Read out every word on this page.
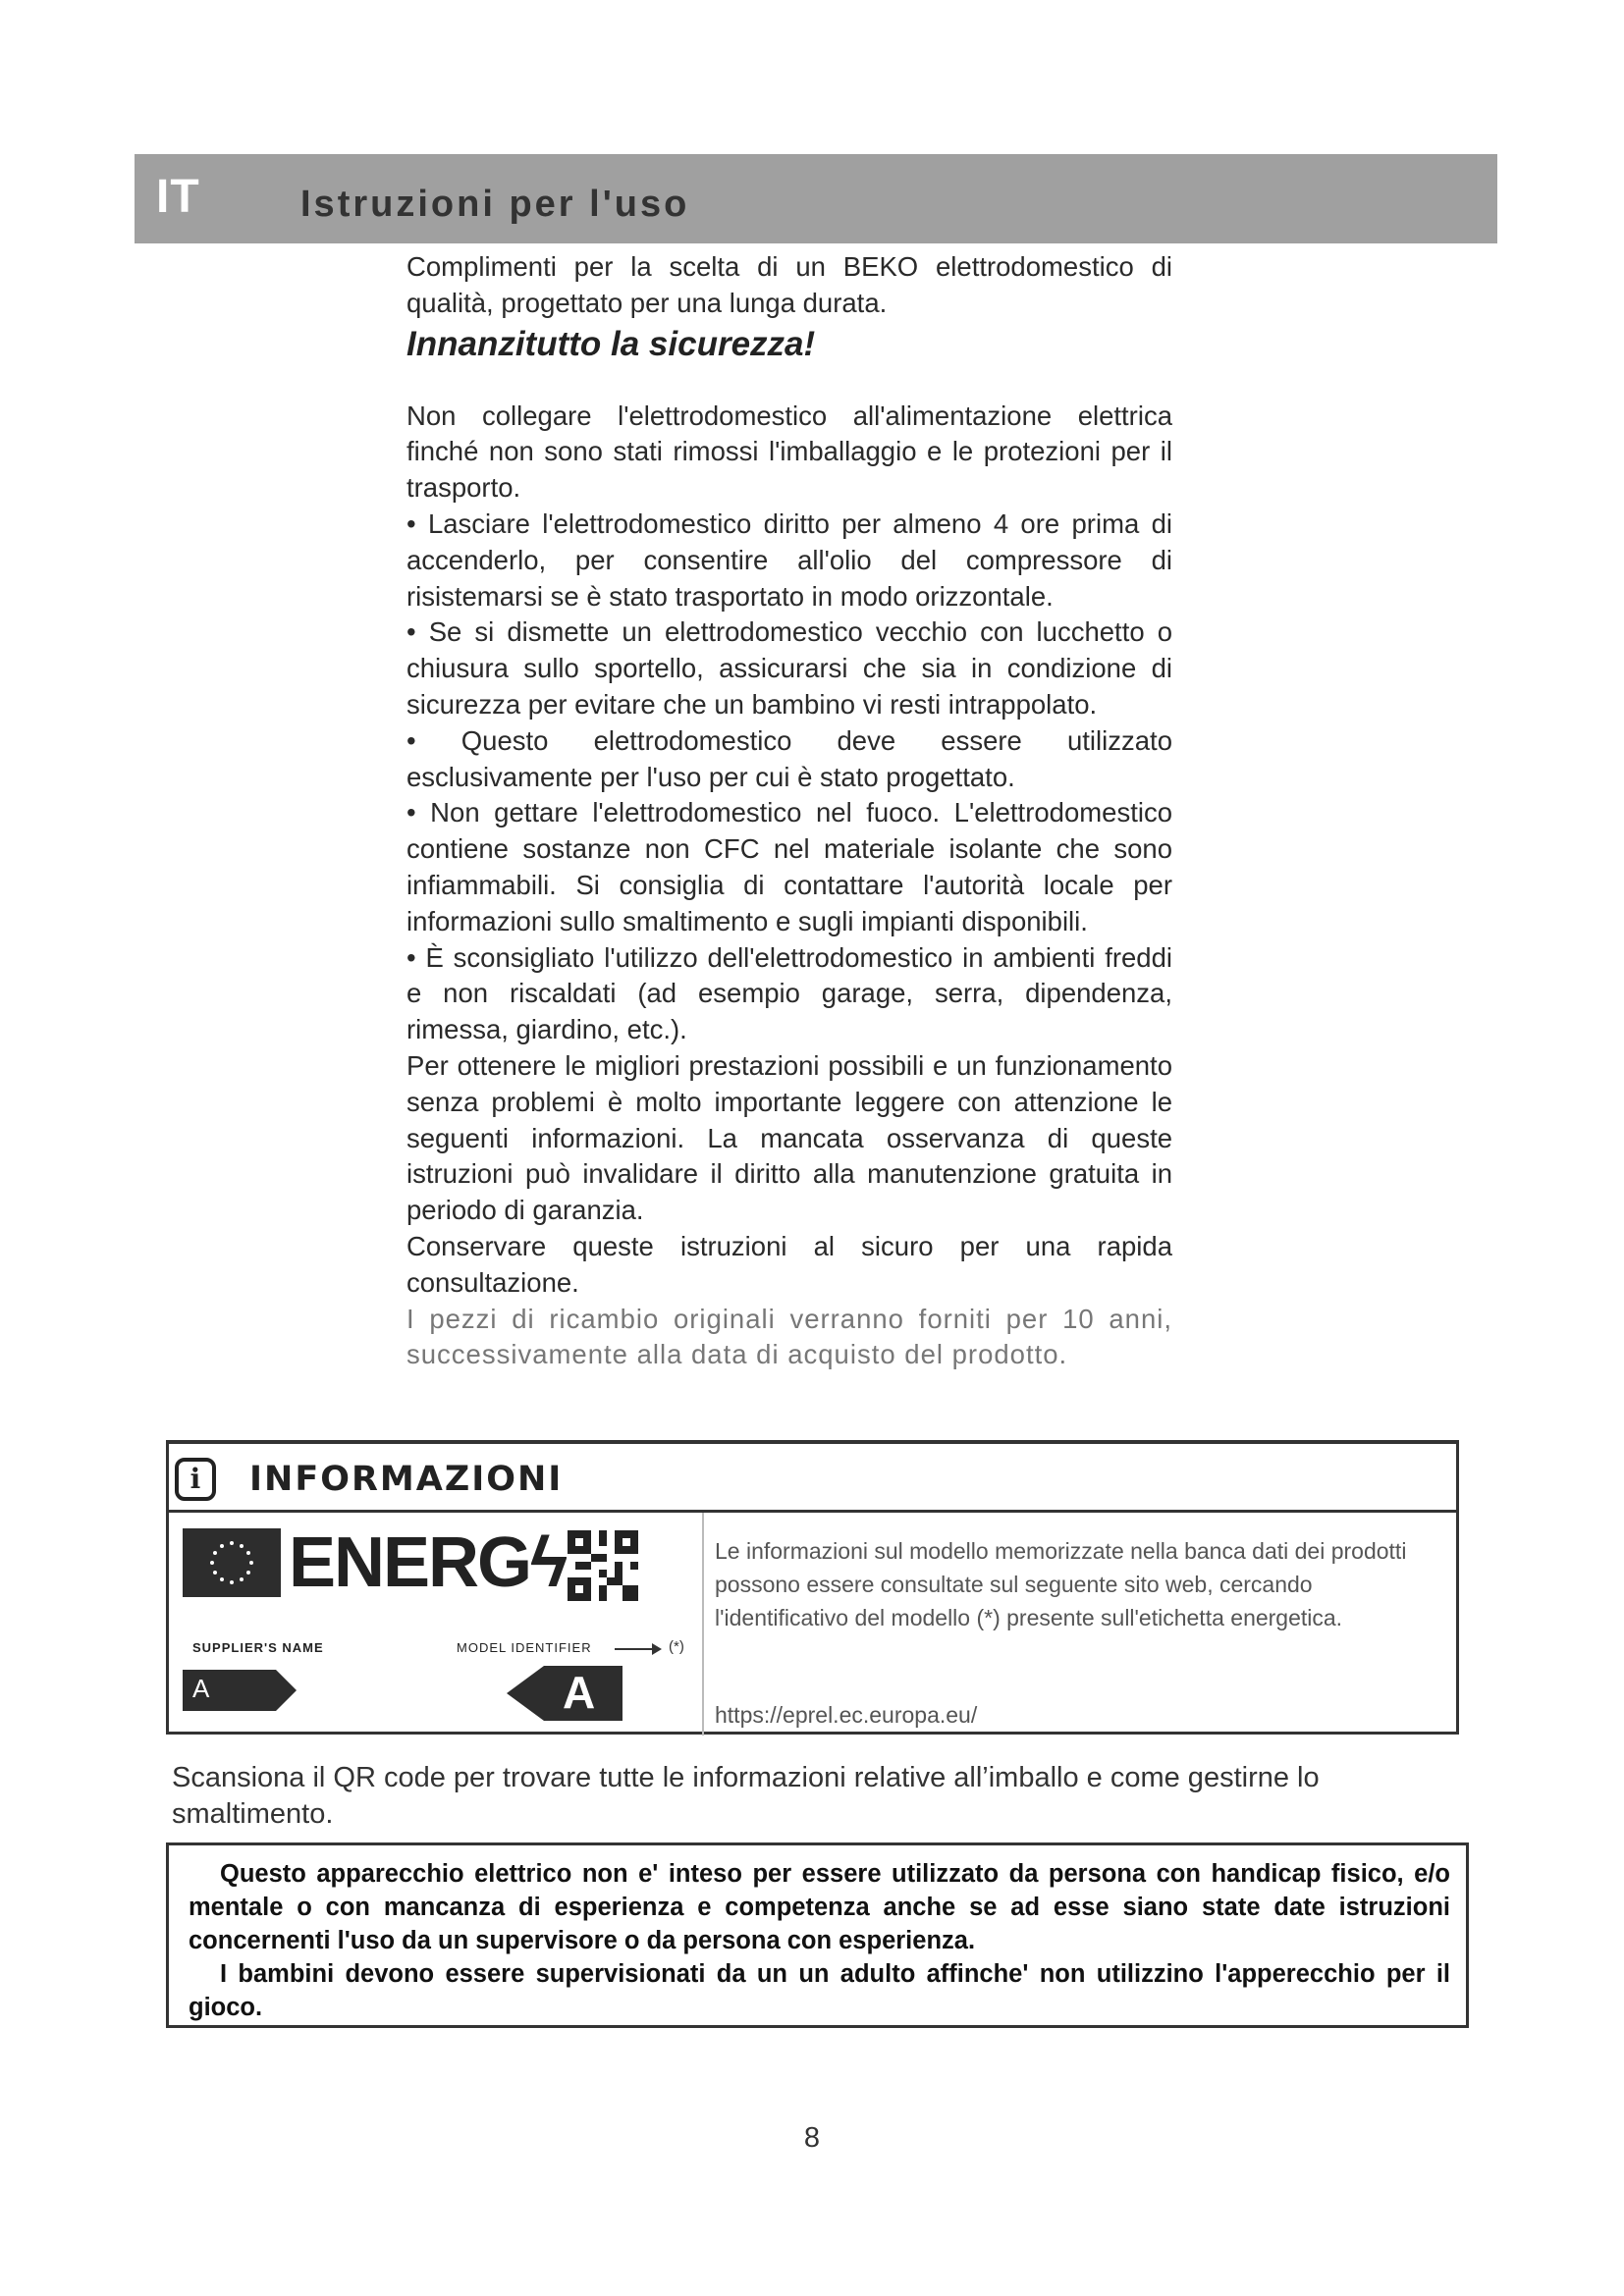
IT	Istruzioni per l'uso

Complimenti per la scelta di un BEKO elettrodomestico di qualità, progettato per una lunga durata.

Innanzitutto la sicurezza!

Non collegare l'elettrodomestico all'alimentazione elettrica finché non sono stati rimossi l'imballaggio e le protezioni per il trasporto.

• Lasciare l'elettrodomestico diritto per almeno 4 ore prima di accenderlo, per consentire all'olio del compressore di risistemarsi se è stato trasportato in modo orizzontale.

• Se si dismette un elettrodomestico vecchio con lucchetto o chiusura sullo sportello, assicurarsi che sia in condizione di sicurezza per evitare che un bambino vi resti intrappolato.

• Questo elettrodomestico deve essere utilizzato esclusivamente per l'uso per cui è stato progettato.

• Non gettare l'elettrodomestico nel fuoco. L'elettrodomestico contiene sostanze non CFC nel materiale isolante che sono infiammabili. Si consiglia di contattare l'autorità locale per informazioni sullo smaltimento e sugli impianti disponibili.

• È sconsigliato l'utilizzo dell'elettrodomestico in ambienti freddi e non riscaldati (ad esempio garage, serra, dipendenza, rimessa, giardino, etc.).

Per ottenere le migliori prestazioni possibili e un funzionamento senza problemi è molto importante leggere con attenzione le seguenti informazioni. La mancata osservanza di queste istruzioni può invalidare il diritto alla manutenzione gratuita in periodo di garanzia.

Conservare queste istruzioni al sicuro per una rapida consultazione.

I pezzi di ricambio originali verranno forniti per 10 anni, successivamente alla data di acquisto del prodotto.

i	INFORMAZIONI
ENERGϟ
SUPPLIER'S NAME	MODEL IDENTIFIER	(*)
A	A
Le informazioni sul modello memorizzate nella banca dati dei prodotti possono essere consultate sul seguente sito web, cercando l'identificativo del modello (*) presente sull'etichetta energetica.
https://eprel.ec.europa.eu/
Scansiona il QR code per trovare tutte le informazioni relative all’imballo e come gestirne lo smaltimento.

Questo apparecchio elettrico non e' inteso per essere utilizzato da persona con handicap fisico, e/o mentale o con mancanza di esperienza e competenza anche se ad esse siano state date istruzioni concernenti l'uso da un supervisore o da persona con esperienza.

I bambini devono essere supervisionati da un un adulto affinche' non utilizzino l'apperecchio per il gioco.

8
